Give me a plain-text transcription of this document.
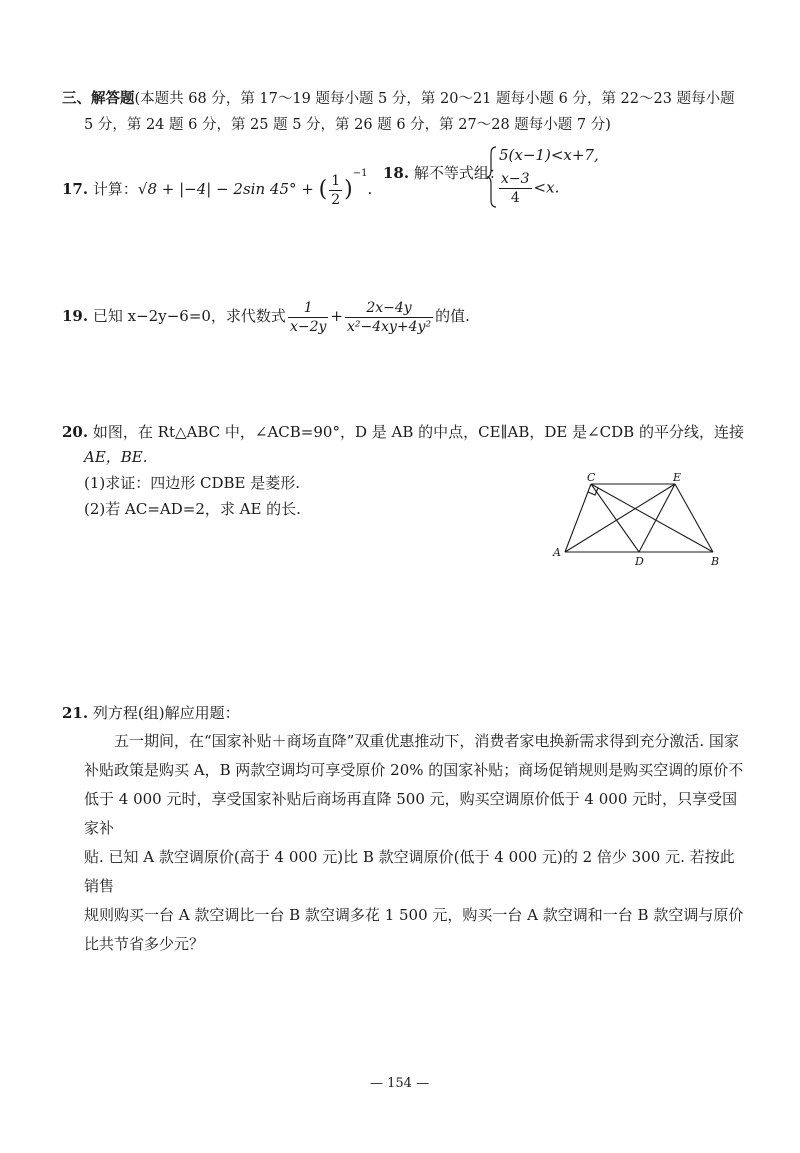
三、解答题(本题共 68 分，第 17～19 题每小题 5 分，第 20～21 题每小题 6 分，第 22～23 题每小题
5 分，第 24 题 6 分，第 25 题 5 分，第 26 题 6 分，第 27～28 题每小题 7 分)
17. 计算：√8 + |−4| − 2sin 45° + ( $\frac{1}{2} )^{-1}$.
18. 解不等式组：
5(x−1)<x+7,
$\frac{x-3}{4} <x$.
19. 已知 x−2y−6=0，求代数式 $\frac{1}{x-2y} + \frac{2x-4y}{\text{x²−4xy+4y²}}$ 的值.
20. 如图，在 Rt△ABC 中，∠ACB=90°，D 是 AB 的中点，CE∥AB，DE 是∠CDB 的平分线，连接
AE，BE.
(1)求证：四边形 CDBE 是菱形.
(2)若 AC=AD=2，求 AE 的长.
C	E
A
D	B
21. 列方程(组)解应用题：

五一期间，在“国家补贴＋商场直降”双重优惠推动下，消费者家电换新需求得到充分激活. 国家

补贴政策是购买 A，B 两款空调均可享受原价 20% 的国家补贴；商场促销规则是购买空调的原价不

低于 4 000 元时，享受国家补贴后商场再直降 500 元，购买空调原价低于 4 000 元时，只享受国家补

贴. 已知 A 款空调原价(高于 4 000 元)比 B 款空调原价(低于 4 000 元)的 2 倍少 300 元. 若按此销售

规则购买一台 A 款空调比一台 B 款空调多花 1 500 元，购买一台 A 款空调和一台 B 款空调与原价

比共节省多少元？

— 154 —
